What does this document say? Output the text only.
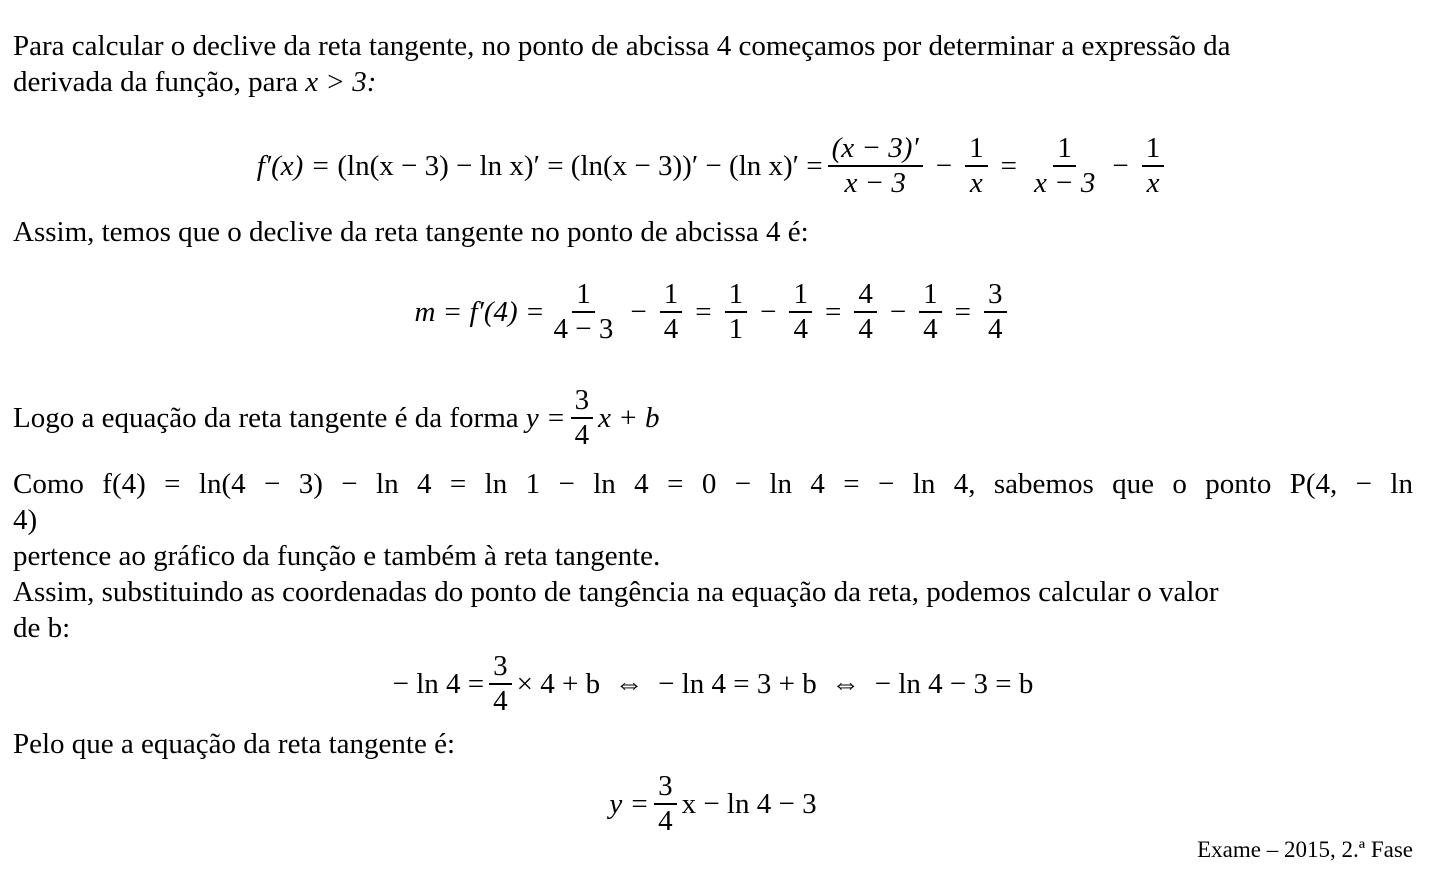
Para calcular o declive da reta tangente, no ponto de abcissa 4 começamos por determinar a expressão da
derivada da função, para x > 3:

f′(x) =
(ln(x − 3) − ln x)′
= (ln(x − 3))′ − (ln $x)' = \frac{(x - 3)'}{x - 3} - \frac{1}{x} = \frac{1}{x - 3} - \frac{1}{x}$

Assim, temos que o declive da reta tangente no ponto de abcissa 4 é:

$m = f'(4) = \frac{1}{4 - 3} - \frac{1}{4} = \frac{1}{1} - \frac{1}{4} = \frac{4}{4} - \frac{1}{4} = \frac{3}{4}$
Logo a equação da reta tangente é da forma
$y = \frac{3}{4}$ x + b

Como f(4) = ln(4 − 3) − ln 4 = ln 1 − ln 4 = 0 − ln 4 = − ln 4, sabemos que o ponto P(4, − ln 4)
pertence ao gráfico da função e também à reta tangente.
Assim, substituindo as coordenadas do ponto de tangência na equação da reta, podemos calcular o valor
de b:

− $\ln 4 = \frac{3}{4} \times 4 + b$  ⇔  − ln 4 = 3 + b  ⇔  − ln 4 − 3 = b

Pelo que a equação da reta tangente é:

$y = \frac{3}{4}$ x − ln 4 − 3
Exame – 2015, 2.ª Fase
